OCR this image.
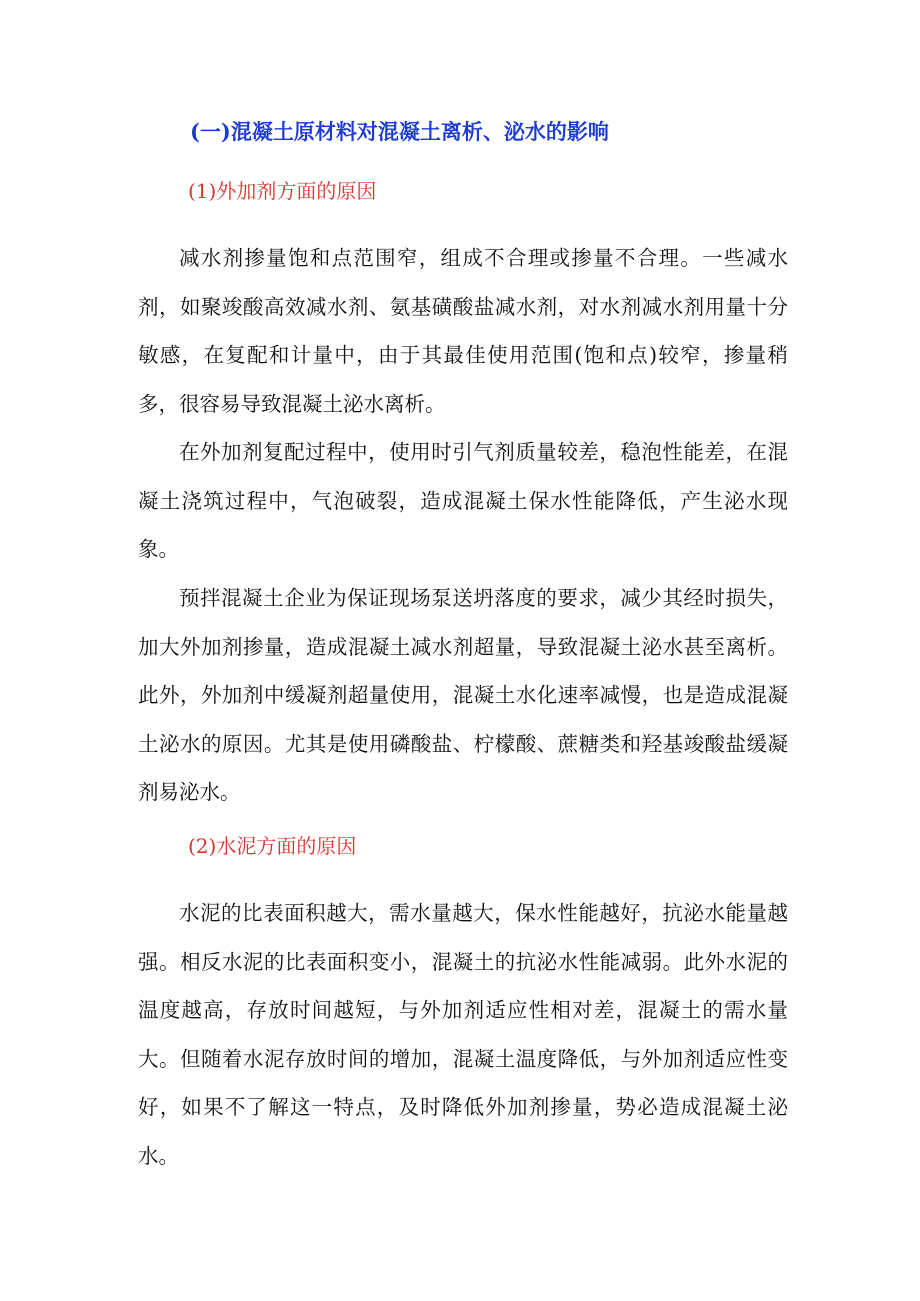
(一)混凝土原材料对混凝土离析、泌水的影响
(1)外加剂方面的原因

减水剂掺量饱和点范围窄，组成不合理或掺量不合理。一些减水剂，如聚竣酸高效减水剂、氨基磺酸盐减水剂，对水剂减水剂用量十分敏感，在复配和计量中，由于其最佳使用范围(饱和点)较窄，掺量稍多，很容易导致混凝土泌水离析。

在外加剂复配过程中，使用时引气剂质量较差，稳泡性能差，在混凝土浇筑过程中，气泡破裂，造成混凝土保水性能降低，产生泌水现象。

预拌混凝土企业为保证现场泵送坍落度的要求，减少其经时损失，加大外加剂掺量，造成混凝土减水剂超量，导致混凝土泌水甚至离析。此外，外加剂中缓凝剂超量使用，混凝土水化速率减慢，也是造成混凝土泌水的原因。尤其是使用磷酸盐、柠檬酸、蔗糖类和羟基竣酸盐缓凝剂易泌水。

(2)水泥方面的原因

水泥的比表面积越大，需水量越大，保水性能越好，抗泌水能量越强。相反水泥的比表面积变小，混凝土的抗泌水性能减弱。此外水泥的温度越高，存放时间越短，与外加剂适应性相对差，混凝土的需水量大。但随着水泥存放时间的增加，混凝土温度降低，与外加剂适应性变好，如果不了解这一特点，及时降低外加剂掺量，势必造成混凝土泌水。
